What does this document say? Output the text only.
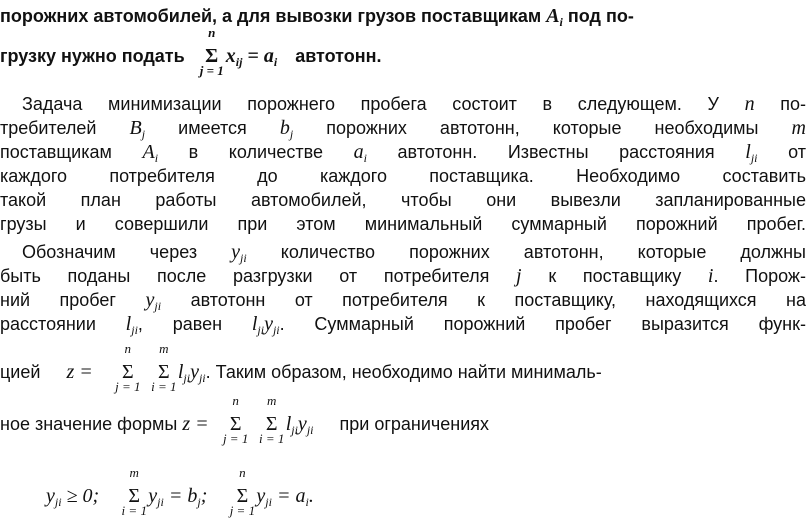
порожних автомобилей, а для вывозки грузов поставщикам $A_i$ под по-
грузку нужно подать Σ
n
j = 1
$x_{ij} = a_i$ автотонн.
Задача минимизации порожнего пробега состоит в следующем. У n по-
требителей $B_j$ имеется $b_j$ порожних автотонн, которые необходимы m
поставщикам $A_i$ в количестве $a_i$ автотонн. Известны расстояния $l_{ji}$ от
каждого потребителя до каждого поставщика. Необходимо составить
такой план работы автомобилей, чтобы они вывезли запланированные
грузы и совершили при этом минимальный суммарный порожний пробег.
Обозначим через $y_{ji}$ количество порожних автотонн, которые должны
быть поданы после разгрузки от потребителя j к поставщику i. Порож-
ний пробег $y_{ji}$ автотонн от потребителя к поставщику, находящихся на
расстоянии $l_{ji}$, равен $l_{ji}y_{ji}$. Суммарный порожний пробег выразится функ-
цией z = Σ
n
j = 1
Σ
m
i = 1
$l_{ji}y_{ji}$. Таким образом, необходимо найти минималь-
ное значение формы z = Σ
n
j = 1
Σ
m
i = 1
$l_{ji}y_{ji}$ при ограничениях
$y_{ji} \ge 0$; Σ
m
i = 1
$y_{ji} = b_j$; Σ
n
j = 1
$y_{ji} = a_i$.
